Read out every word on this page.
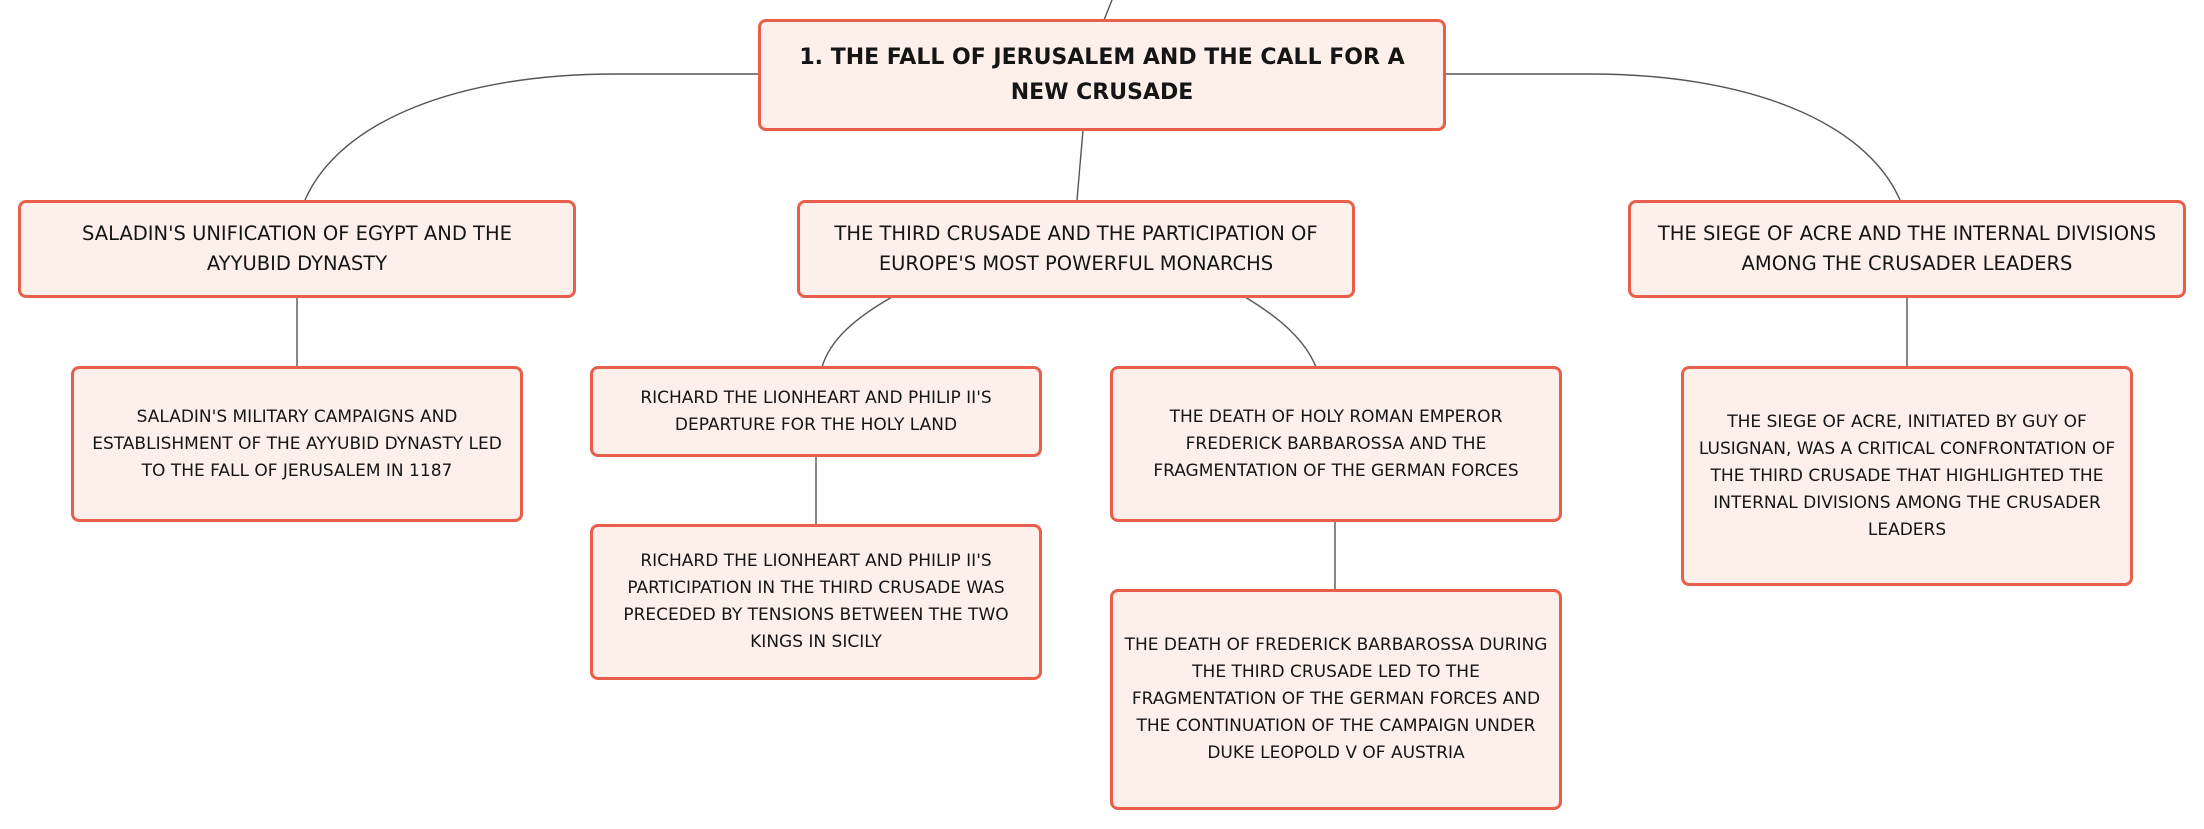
1. THE FALL OF JERUSALEM AND THE CALL FOR A NEW CRUSADE
SALADIN'S UNIFICATION OF EGYPT AND THE AYYUBID DYNASTY
THE THIRD CRUSADE AND THE PARTICIPATION OF EUROPE'S MOST POWERFUL MONARCHS
THE SIEGE OF ACRE AND THE INTERNAL DIVISIONS AMONG THE CRUSADER LEADERS
SALADIN'S MILITARY CAMPAIGNS AND ESTABLISHMENT OF THE AYYUBID DYNASTY LED TO THE FALL OF JERUSALEM IN 1187
RICHARD THE LIONHEART AND PHILIP II'S DEPARTURE FOR THE HOLY LAND	THE DEATH OF HOLY ROMAN EMPEROR FREDERICK BARBAROSSA AND THE FRAGMENTATION OF THE GERMAN FORCES
THE SIEGE OF ACRE, INITIATED BY GUY OF LUSIGNAN, WAS A CRITICAL CONFRONTATION OF THE THIRD CRUSADE THAT HIGHLIGHTED THE INTERNAL DIVISIONS AMONG THE CRUSADER LEADERS
RICHARD THE LIONHEART AND PHILIP II'S PARTICIPATION IN THE THIRD CRUSADE WAS PRECEDED BY TENSIONS BETWEEN THE TWO KINGS IN SICILY	THE DEATH OF FREDERICK BARBAROSSA DURING THE THIRD CRUSADE LED TO THE FRAGMENTATION OF THE GERMAN FORCES AND THE CONTINUATION OF THE CAMPAIGN UNDER DUKE LEOPOLD V OF AUSTRIA
